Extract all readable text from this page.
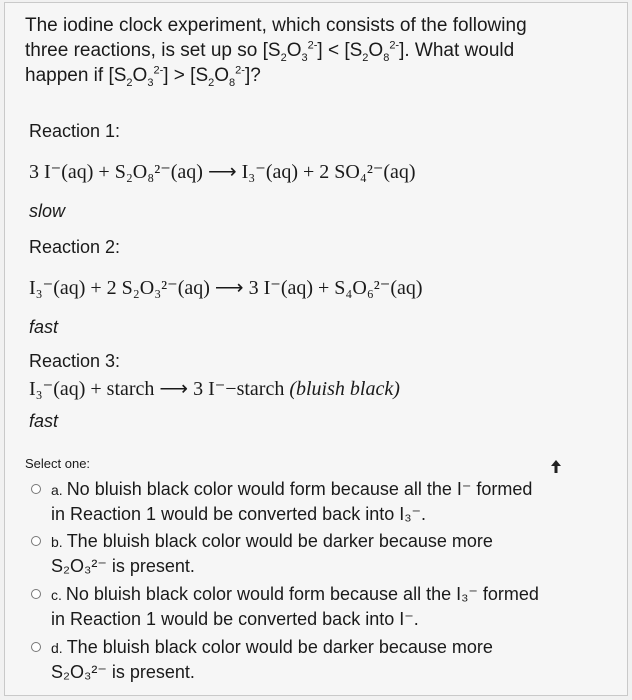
The iodine clock experiment, which consists of the following
three reactions, is set up so $[S_2O_3^{2-}] < [S_2O_8^{2-}]$. What would
happen if $[S_2O_3^{2-}] > [S_2O_8^{2-}]$?
Reaction 1:
3 I⁻(aq) + S₂O₈²⁻(aq) ⟶ I₃⁻(aq) + 2 SO₄²⁻(aq)
slow
Reaction 2:
I₃⁻(aq) + 2 S₂O₃²⁻(aq) ⟶ 3 I⁻(aq) + S₄O₆²⁻(aq)
fast
Reaction 3:
I₃⁻(aq) + starch ⟶ 3 I⁻−starch (bluish black)
fast
Select one:
a. No bluish black color would form because all the I⁻ formed
in Reaction 1 would be converted back into I₃⁻.
b. The bluish black color would be darker because more
S₂O₃²⁻ is present.
c. No bluish black color would form because all the I₃⁻ formed
in Reaction 1 would be converted back into I⁻.
d. The bluish black color would be darker because more
S₂O₃²⁻ is present.
